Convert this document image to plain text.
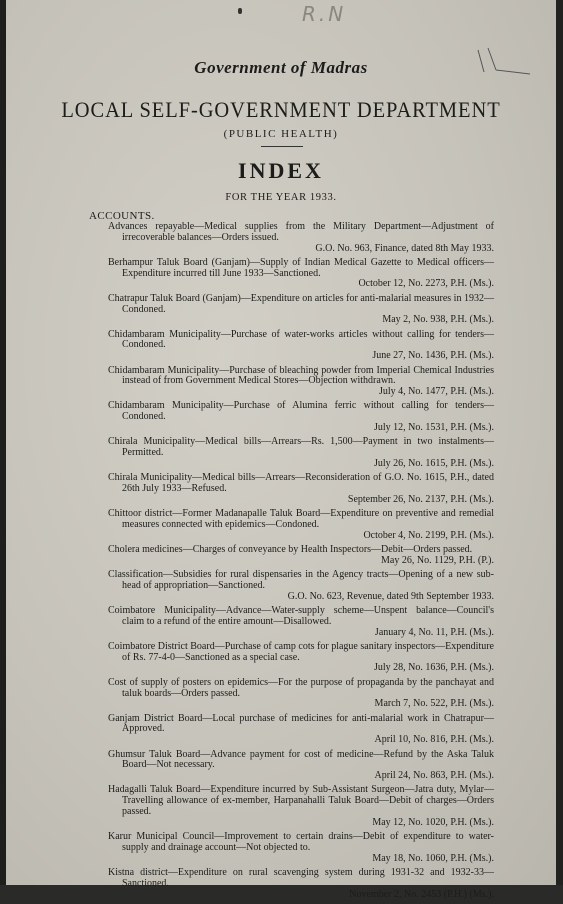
R.N
Government of Madras
LOCAL SELF-GOVERNMENT DEPARTMENT
(PUBLIC HEALTH)
INDEX
FOR THE YEAR 1933.
ACCOUNTS.
Advances repayable—Medical supplies from the Military Department—Adjustment of irrecoverable balances—Orders issued.
G.O. No. 963, Finance, dated 8th May 1933.
Berhampur Taluk Board (Ganjam)—Supply of Indian Medical Gazette to Medical officers—Expenditure incurred till June 1933—Sanctioned.
October 12, No. 2273, P.H. (Ms.).
Chatrapur Taluk Board (Ganjam)—Expenditure on articles for anti-malarial measures in 1932—Condoned.
May 2, No. 938, P.H. (Ms.).
Chidambaram Municipality—Purchase of water-works articles without calling for tenders—Condoned.
June 27, No. 1436, P.H. (Ms.).
Chidambaram Municipality—Purchase of bleaching powder from Imperial Chemical Industries instead of from Government Medical Stores—Objection withdrawn.
July 4, No. 1477, P.H. (Ms.).
Chidambaram Municipality—Purchase of Alumina ferric without calling for tenders—Condoned.
July 12, No. 1531, P.H. (Ms.).
Chirala Municipality—Medical bills—Arrears—Rs. 1,500—Payment in two instalments—Permitted.
July 26, No. 1615, P.H. (Ms.).
Chirala Municipality—Medical bills—Arrears—Reconsideration of G.O. No. 1615, P.H., dated 26th July 1933—Refused.
September 26, No. 2137, P.H. (Ms.).
Chittoor district—Former Madanapalle Taluk Board—Expenditure on preventive and remedial measures connected with epidemics—Condoned.
October 4, No. 2199, P.H. (Ms.).
Cholera medicines—Charges of conveyance by Health Inspectors—Debit—Orders passed.
May 26, No. 1129, P.H. (P.).
Classification—Subsidies for rural dispensaries in the Agency tracts—Opening of a new sub-head of appropriation—Sanctioned.
G.O. No. 623, Revenue, dated 9th September 1933.
Coimbatore Municipality—Advance—Water-supply scheme—Unspent balance—Council's claim to a refund of the entire amount—Disallowed.
January 4, No. 11, P.H. (Ms.).
Coimbatore District Board—Purchase of camp cots for plague sanitary inspectors—Expenditure of Rs. 77-4-0—Sanctioned as a special case.
July 28, No. 1636, P.H. (Ms.).
Cost of supply of posters on epidemics—For the purpose of propaganda by the panchayat and taluk boards—Orders passed.
March 7, No. 522, P.H. (Ms.).
Ganjam District Board—Local purchase of medicines for anti-malarial work in Chatrapur—Approved.
April 10, No. 816, P.H. (Ms.).
Ghumsur Taluk Board—Advance payment for cost of medicine—Refund by the Aska Taluk Board—Not necessary.
April 24, No. 863, P.H. (Ms.).
Hadagalli Taluk Board—Expenditure incurred by Sub-Assistant Surgeon—Jatra duty, Mylar—Travelling allowance of ex-member, Harpanahalli Taluk Board—Debit of charges—Orders passed.
May 12, No. 1020, P.H. (Ms.).
Karur Municipal Council—Improvement to certain drains—Debit of expenditure to water-supply and drainage account—Not objected to.
May 18, No. 1060, P.H. (Ms.).
Kistna district—Expenditure on rural scavenging system during 1931-32 and 1932-33—Sanctioned.
November 2, No. 2453 (P.H.) (Ms.).
